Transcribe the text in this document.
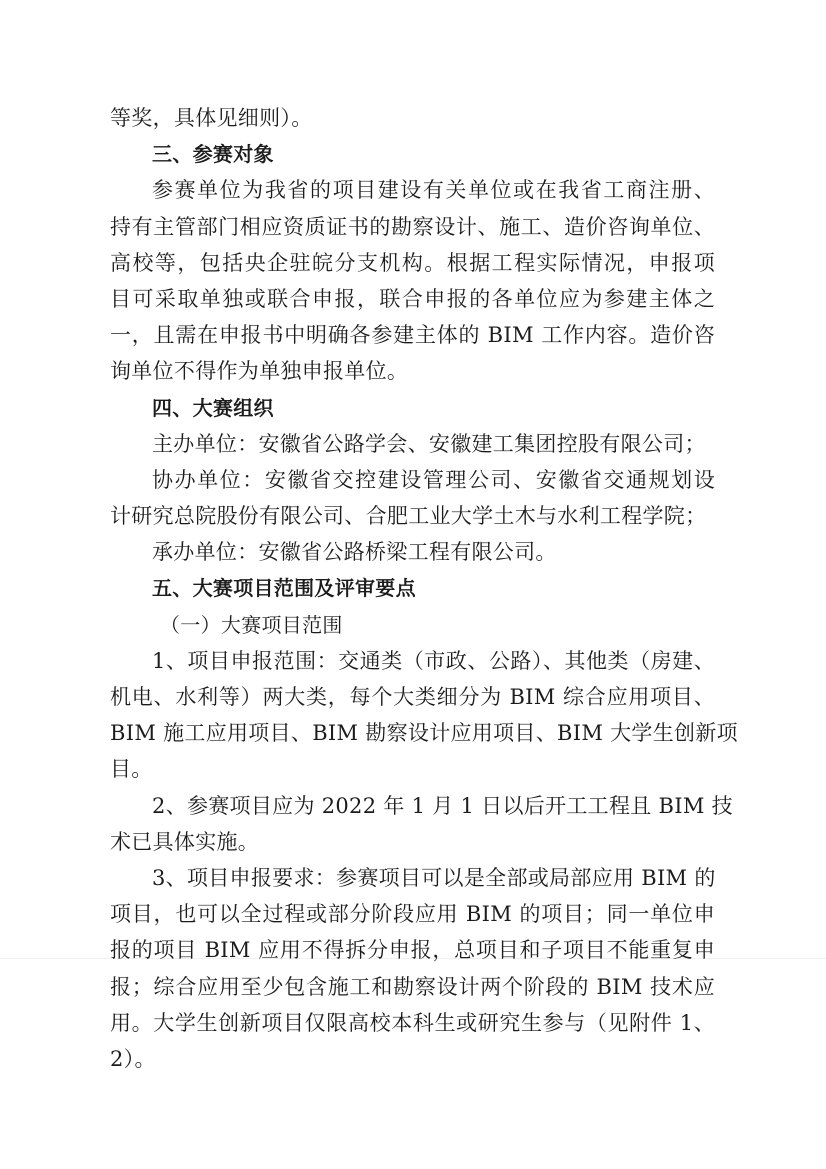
等奖，具体见细则）。
三、参赛对象
参赛单位为我省的项目建设有关单位或在我省工商注册、
持有主管部门相应资质证书的勘察设计、施工、造价咨询单位、
高校等，包括央企驻皖分支机构。根据工程实际情况，申报项
目可采取单独或联合申报，联合申报的各单位应为参建主体之
一，且需在申报书中明确各参建主体的 BIM 工作内容。造价咨
询单位不得作为单独申报单位。
四、大赛组织
主办单位：安徽省公路学会、安徽建工集团控股有限公司；
协办单位：安徽省交控建设管理公司、安徽省交通规划设
计研究总院股份有限公司、合肥工业大学土木与水利工程学院；
承办单位：安徽省公路桥梁工程有限公司。
五、大赛项目范围及评审要点
（一）大赛项目范围
1、项目申报范围：交通类（市政、公路）、其他类（房建、
机电、水利等）两大类，每个大类细分为 BIM 综合应用项目、
BIM 施工应用项目、BIM 勘察设计应用项目、BIM 大学生创新项
目。
2、参赛项目应为 2022 年 1 月 1 日以后开工工程且 BIM 技
术已具体实施。
3、项目申报要求：参赛项目可以是全部或局部应用 BIM 的
项目，也可以全过程或部分阶段应用 BIM 的项目；同一单位申
报的项目 BIM 应用不得拆分申报，总项目和子项目不能重复申
报；综合应用至少包含施工和勘察设计两个阶段的 BIM 技术应
用。大学生创新项目仅限高校本科生或研究生参与（见附件 1、
2）。
